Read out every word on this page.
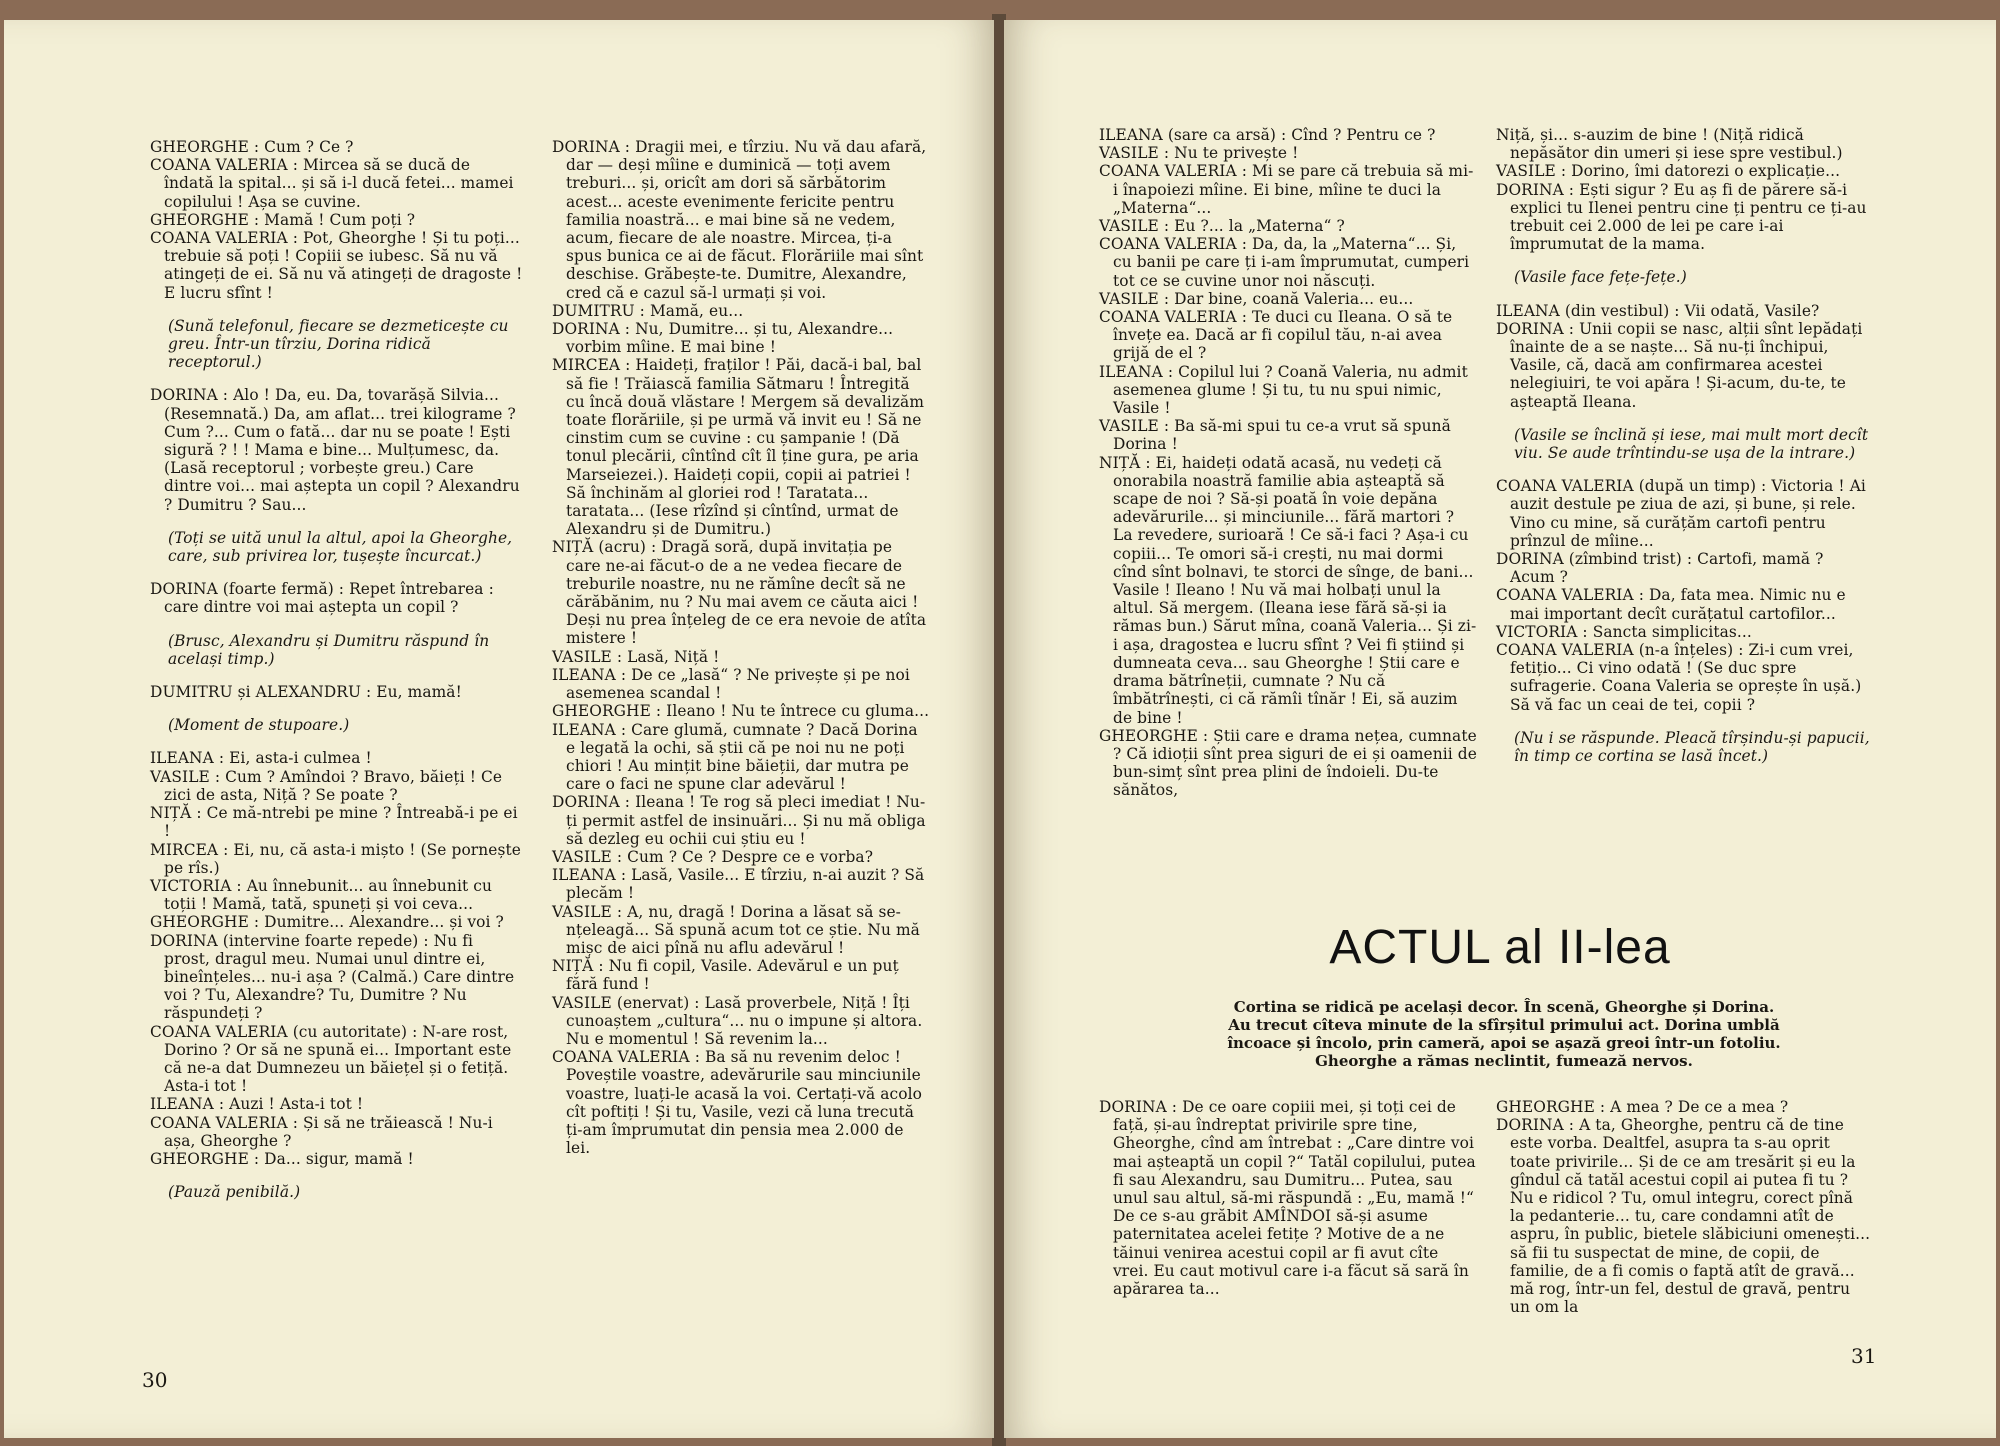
GHEORGHE : Cum ? Ce ?

COANA VALERIA : Mircea să se ducă de îndată la spital... și să i-l ducă fetei... mamei copilului ! Așa se cuvine.

GHEORGHE : Mamă ! Cum poți ?

COANA VALERIA : Pot, Gheorghe ! Și tu poți... trebuie să poți ! Copiii se iubesc. Să nu vă atingeți de ei. Să nu vă atingeți de dragoste ! E lucru sfînt !

(Sună telefonul, fiecare se dezmeticește cu greu. Într-un tîrziu, Dorina ridică receptorul.)

DORINA : Alo ! Da, eu. Da, tovarășă Silvia... (Resemnată.) Da, am aflat... trei kilograme ? Cum ?... Cum o fată... dar nu se poate ! Ești sigură ? ! ! Mama e bine... Mulțumesc, da. (Lasă receptorul ; vorbește greu.) Care dintre voi... mai aștepta un copil ? Alexandru ? Dumitru ? Sau...

(Toți se uită unul la altul, apoi la Gheorghe, care, sub privirea lor, tușește încurcat.)

DORINA (foarte fermă) : Repet întrebarea : care dintre voi mai aștepta un copil ?

(Brusc, Alexandru și Dumitru răspund în același timp.)

DUMITRU și ALEXANDRU : Eu, mamă!

(Moment de stupoare.)

ILEANA : Ei, asta-i culmea !

VASILE : Cum ? Amîndoi ? Bravo, băieți ! Ce zici de asta, Niță ? Se poate ?

NIȚĂ : Ce mă-ntrebi pe mine ? Întreabă-i pe ei !

MIRCEA : Ei, nu, că asta-i mișto ! (Se pornește pe rîs.)

VICTORIA : Au înnebunit... au înnebunit cu toții ! Mamă, tată, spuneți și voi ceva...

GHEORGHE : Dumitre... Alexandre... și voi ?

DORINA (intervine foarte repede) : Nu fi prost, dragul meu. Numai unul dintre ei, bineînțeles... nu-i așa ? (Calmă.) Care dintre voi ? Tu, Alexandre? Tu, Dumitre ? Nu răspundeți ?

COANA VALERIA (cu autoritate) : N-are rost, Dorino ? Or să ne spună ei... Important este că ne-a dat Dumnezeu un băiețel și o fetiță. Asta-i tot !

ILEANA : Auzi ! Asta-i tot !

COANA VALERIA : Și să ne trăiească ! Nu-i așa, Gheorghe ?

GHEORGHE : Da... sigur, mamă !

(Pauză penibilă.)

DORINA : Dragii mei, e tîrziu. Nu vă dau afară, dar — deși mîine e duminică — toți avem treburi... și, oricît am dori să sărbătorim acest... aceste evenimente fericite pentru familia noastră... e mai bine să ne vedem, acum, fiecare de ale noastre. Mircea, ți-a spus bunica ce ai de făcut. Florăriile mai sînt deschise. Grăbește-te. Dumitre, Alexandre, cred că e cazul să-l urmați și voi.

DUMITRU : Mamă, eu...

DORINA : Nu, Dumitre... și tu, Alexandre... vorbim mîine. E mai bine !

MIRCEA : Haideți, fraților ! Păi, dacă-i bal, bal să fie ! Trăiască familia Sătmaru ! Întregită cu încă două vlăstare ! Mergem să devalizăm toate florăriile, și pe urmă vă invit eu ! Să ne cinstim cum se cuvine : cu șampanie ! (Dă tonul plecării, cîntînd cît îl ține gura, pe aria Marseiezei.). Haideți copii, copii ai patriei ! Să închinăm al gloriei rod ! Taratata... taratata... (Iese rîzînd și cîntînd, urmat de Alexandru și de Dumitru.)

NIȚĂ (acru) : Dragă soră, după invitația pe care ne-ai făcut-o de a ne vedea fiecare de treburile noastre, nu ne rămîne decît să ne cărăbănim, nu ? Nu mai avem ce căuta aici ! Deși nu prea înțeleg de ce era nevoie de atîta mistere !

VASILE : Lasă, Niță !

ILEANA : De ce „lasă“ ? Ne privește și pe noi asemenea scandal !

GHEORGHE : Ileano ! Nu te întrece cu gluma...

ILEANA : Care glumă, cumnate ? Dacă Dorina e legată la ochi, să știi că pe noi nu ne poți chiori ! Au mințit bine băieții, dar mutra pe care o faci ne spune clar adevărul !

DORINA : Ileana ! Te rog să pleci imediat ! Nu-ți permit astfel de insinuări... Și nu mă obliga să dezleg eu ochii cui știu eu !

VASILE : Cum ? Ce ? Despre ce e vorba?

ILEANA : Lasă, Vasile... E tîrziu, n-ai auzit ? Să plecăm !

VASILE : A, nu, dragă ! Dorina a lăsat să se-nțeleagă... Să spună acum tot ce știe. Nu mă mișc de aici pînă nu aflu adevărul !

NIȚĂ : Nu fi copil, Vasile. Adevărul e un puț fără fund !

VASILE (enervat) : Lasă proverbele, Niță ! Îți cunoaștem „cultura“... nu o impune și altora. Nu e momentul ! Să revenim la...

COANA VALERIA : Ba să nu revenim deloc ! Poveștile voastre, adevărurile sau minciunile voastre, luați-le acasă la voi. Certați-vă acolo cît poftiți ! Și tu, Vasile, vezi că luna trecută ți-am împrumutat din pensia mea 2.000 de lei.

30

ILEANA (sare ca arsă) : Cînd ? Pentru ce ?

VASILE : Nu te privește !

COANA VALERIA : Mi se pare că trebuia să mi-i înapoiezi mîine. Ei bine, mîine te duci la „Materna“...

VASILE : Eu ?... la „Materna“ ?

COANA VALERIA : Da, da, la „Materna“... Și, cu banii pe care ți i-am împrumutat, cumperi tot ce se cuvine unor noi născuți.

VASILE : Dar bine, coană Valeria... eu...

COANA VALERIA : Te duci cu Ileana. O să te învețe ea. Dacă ar fi copilul tău, n-ai avea grijă de el ?

ILEANA : Copilul lui ? Coană Valeria, nu admit asemenea glume ! Și tu, tu nu spui nimic, Vasile !

VASILE : Ba să-mi spui tu ce-a vrut să spună Dorina !

NIȚĂ : Ei, haideți odată acasă, nu vedeți că onorabila noastră familie abia așteaptă să scape de noi ? Să-și poată în voie depăna adevărurile... și minciunile... fără martori ? La revedere, surioară ! Ce să-i faci ? Așa-i cu copiii... Te omori să-i crești, nu mai dormi cînd sînt bolnavi, te storci de sînge, de bani... Vasile ! Ileano ! Nu vă mai holbați unul la altul. Să mergem. (Ileana iese fără să-și ia rămas bun.) Sărut mîna, coană Valeria... Și zi-i așa, dragostea e lucru sfînt ? Vei fi știind și dumneata ceva... sau Gheorghe ! Știi care e drama bătrîneții, cumnate ? Nu că îmbătrînești, ci că rămîi tînăr ! Ei, să auzim de bine !

GHEORGHE : Știi care e drama nețea, cumnate ? Că idioții sînt prea siguri de ei și oamenii de bun-simț sînt prea plini de îndoieli. Du-te sănătos,

Niță, și... s-auzim de bine ! (Niță ridică nepăsător din umeri și iese spre vestibul.)

VASILE : Dorino, îmi datorezi o explicație...

DORINA : Ești sigur ? Eu aș fi de părere să-i explici tu Ilenei pentru cine ți pentru ce ți-au trebuit cei 2.000 de lei pe care i-ai împrumutat de la mama.

(Vasile face fețe-fețe.)

ILEANA (din vestibul) : Vii odată, Vasile?

DORINA : Unii copii se nasc, alții sînt lepădați înainte de a se naște... Să nu-ți închipui, Vasile, că, dacă am confirmarea acestei nelegiuiri, te voi apăra ! Și-acum, du-te, te așteaptă Ileana.

(Vasile se înclină și iese, mai mult mort decît viu. Se aude trîntindu-se ușa de la intrare.)

COANA VALERIA (după un timp) : Victoria ! Ai auzit destule pe ziua de azi, și bune, și rele. Vino cu mine, să curățăm cartofi pentru prînzul de mîine...

DORINA (zîmbind trist) : Cartofi, mamă ? Acum ?

COANA VALERIA : Da, fata mea. Nimic nu e mai important decît curățatul cartofilor...

VICTORIA : Sancta simplicitas...

COANA VALERIA (n-a înțeles) : Zi-i cum vrei, fetițio... Ci vino odată ! (Se duc spre sufragerie. Coana Valeria se oprește în ușă.) Să vă fac un ceai de tei, copii ?

(Nu i se răspunde. Pleacă tîrșindu-și papucii, în timp ce cortina se lasă încet.)

ACTUL al II-lea
Cortina se ridică pe același decor. În scenă, Gheorghe și Dorina. Au trecut cîteva minute de la sfîrșitul primului act. Dorina umblă încoace și încolo, prin cameră, apoi se așază greoi într-un fotoliu. Gheorghe a rămas neclintit, fumează nervos.

DORINA : De ce oare copiii mei, și toți cei de față, și-au îndreptat privirile spre tine, Gheorghe, cînd am întrebat : „Care dintre voi mai așteaptă un copil ?“ Tatăl copilului, putea fi sau Alexandru, sau Dumitru... Putea, sau unul sau altul, să-mi răspundă : „Eu, mamă !“ De ce s-au grăbit AMÎNDOI să-și asume paternitatea acelei fetițe ? Motive de a ne tăinui venirea acestui copil ar fi avut cîte vrei. Eu caut motivul care i-a făcut să sară în apărarea ta...

GHEORGHE : A mea ? De ce a mea ?

DORINA : A ta, Gheorghe, pentru că de tine este vorba. Dealtfel, asupra ta s-au oprit toate privirile... Și de ce am tresărit și eu la gîndul că tatăl acestui copil ai putea fi tu ? Nu e ridicol ? Tu, omul integru, corect pînă la pedanterie... tu, care condamni atît de aspru, în public, bietele slăbiciuni omenești... să fii tu suspectat de mine, de copii, de familie, de a fi comis o faptă atît de gravă... mă rog, într-un fel, destul de gravă, pentru un om la

31
